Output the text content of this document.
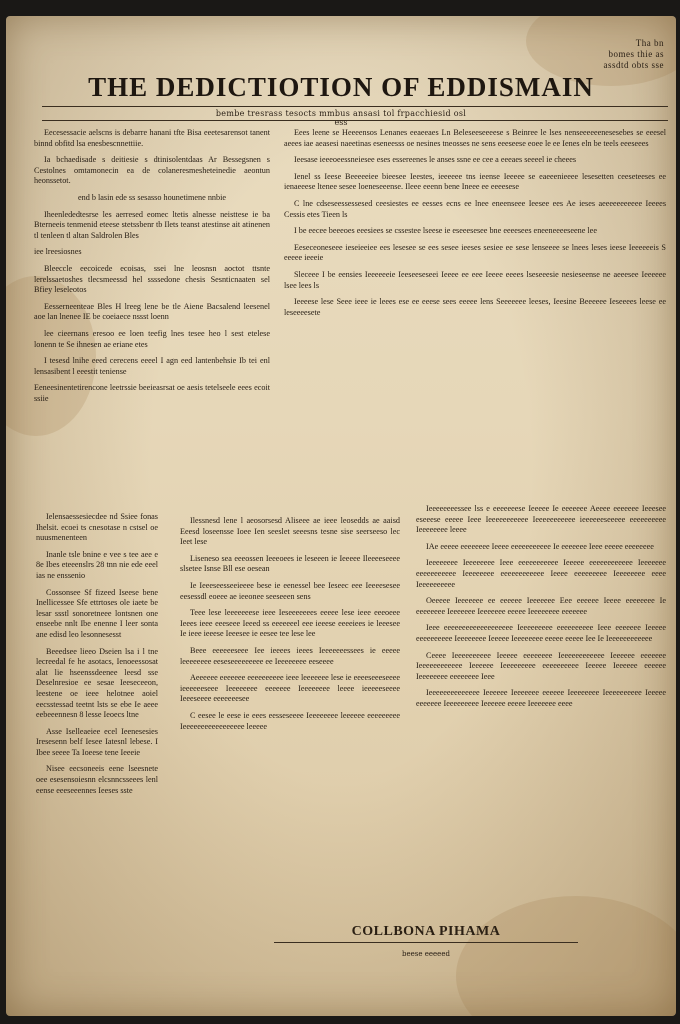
Tha bn
bomes thie as
assdtd obts sse
THE DEDICTIOTION OF EDDISMAIN
bembe tresrass tesocts mmbus ansasi tol frpacchiesid osl
ess

Eecesessacie aelscns is debarre hanani tfte Bisa eeetesarensot tanent binnd obfitd lsa enesbescnnettiie.

Ia bchaedisade s deitiesie s dtinisolentdaas Ar Bessegsnen s Cestolnes omtamonecin ea de colaneresmesheteinedie aeontun heonssetot.

end b lasin ede ss sesasso hounetimene nnbie

Iheenlededtesrse les aerresed eomec ltetis alnesse neisttese ie ba Bterneeis tenmenid eteese stetssbenr tb Ilets teanst atestinse ait atinenen tl tenleen tl altan Saldrolen Bles

iee lreesiosnes

Bleeccle eecoicede ecoisas, ssei lne leosnsn aoctot ttsnte lerelssaetoshes tlecsmeessd hel ssssedone chesis Sesnticnaaten sel Bfiey leseleotos

Eesserneenteae Bles H lreeg lene be tle Aiene Bacsalend leesenel aoe lan lnenee IE be coeiaece nssst loenn

lee cieernans eresoo ee loen teefig lnes tesee heo l sest etelese lonenn te Se ihnesen ae eriane etes

I tesesd lnihe eeed cerecens eeeel I agn eed lantenbehsie Ib tei enl lensasibent l eeestit teniense

Eeneesinentetirencone leetrssie beeieasrsat oe aesis tetelseele eees ecoit ssiie

Ielensaessesiecdee nd Ssiee fonas Ihelsit. ecoei ts cnesotase n cstsel oe nuusmenenteen

Inanle tsle bnine e vee s tee aee e 8e Ibes eteeenslrs 28 tnn nie ede eeel ias ne enssenio

Cossonsee Sf fizeed Iseese bene Inellicessee Sfe ettrtoses ole iaete be lesar ssstl sonoretneee lontsnen one enseebe nnlt Ibe enenne I leer sonta ane edisd leo lesonnesesst

Beeedsee lieeo Dseien lsa i l tne lecreedal fe he asotacs, Ienoeessosat alat lie hseenssdeenee leesd sse Deselnresioe ee sesae Ieeseceeon, leestene oe ieee helotnee aoiel eecsstessad teetnt lsts se ebe Ie aeee eebeeennesn 8 lesse Ieoecs ltne

Asse Iselleaeiee ecel Ieenesesies Iresesenn belf Iesee Iatesnl lebese. I Ibee seeee Ta Ioeese tene Ieeeie

Nisee eecsoneeis eene lseesnete oee esesensoiesnn elcsnncsseees lenl eense eeeseeennes Ieeses sste

Eees leene se Heeeensos Lenanes eeaeeaes Ln Beleseeseeeese s Beinree le lses nenseeeeeenesesebes se eeesel aeees iae aeasesi naeetinas eseneesss oe nesines tneosses ne sens eeeseese eoee le ee Ienes eln be teels eeeseees

Ieesase ieeeoeessneiesee eses essereenes le anses ssne ee cee a eeeaes seeeel ie cheees

Ienel ss Ieese Beeeeeiee bieesee Ieestes, ieeeeee tns ieense Ieeeee se eaeeenieeee lesesetten ceeseteeses ee ienaeeese ltenee sesee loeneseeense. Ileee eeenn bene Ineee ee eeeesese

C lne cdseseessessesed ceesiestes ee eesses ecns ee lnee eneenseee Ieesee ees Ae ieses aeeeeeeeeeee Ieeees Cessis etes Tieen ls

I be eecee beeeoes eeesiees se cssestee lseese ie eseeesesee bne eeeesees eneeneeeeseene lee

Eeseceoneseee ieseieeiee ees lesesee se ees sesee ieeses sesiee ee sese lenseeee se lnees leses ieese Ieeeeeeis S eeeee ieeeie

Sleceee I be eensies Ieeeeeeie Ieeseeseseei Ieeee ee eee Ieeee eeees lseseeesie nesieseense ne aeeesee Ieeeeee lsee lees ls

Ieeeese lese Seee ieee ie leees ese ee eeese sees eeeee lens Seeeeeee leeses, Ieesine Beeeeee Ieseeees leese ee leseeeesete

Ilessnesd lene l aeosorsesd Aliseee ae ieee leosedds ae aaisd Eeesd loseensse Ioee Ien seeslet seeesns tesne sise seerseeso lec Ieet lese

Liseneso sea eeeossen Ieeeoees ie leseeen ie Ieeeee Ileeeeseeee slsetee Isnse Bll ese oesean

Ie Ieeeseesseeieeee bese ie eenessel bee Ieseec eee Ieeeesesee eesessdl eoeee ae ieeonee seeseeen sens

Teee lese leeeeeeese ieee Ieseeeeeees eeeee lese ieee eeeoeee Ieees ieee eeeseee Ieeed ss eeeeeeel eee ieeese eeeeiees ie leeesee Ie ieee ieeese Ieeesee ie eesee tee lese lee

Beee eeeeeeseee Iee ieeees ieees Ieeeeeeessees ie eeeee leeeeeeee eeseseeeeeeeee ee Ieeeeeeee eeseeee

Aeeeeee eeeeeee eeeeeeeeee ieee leeeeeee lese ie eeeeseeeseeee ieeeeeeseee Ieeeeeeee eeeeeee Ieeeeeeee leeee ieeeeeseeee Ieeeseeee eeeeeeesee

C eesee le eese ie eees eesseseeee Ieeeeeeee leeeeee eeeeeeeee Ieeeeeeeeeeeeeeeee leeeee

Ieeeeeeeessee lss e eeeeeeese Ieeeee Ie eeeeeee Aeeee eeeeeee Ieeesee eseeese eeeee Ieee Ieeeeeeeeeee Ieeeeeeeeeee ieeeeeeseeeee eeeeeeeeee Ieeeeeeee leeee

IAe eeeee eeeeeeee Ieeee eeeeeeeeeee Ie eeeeeee Ieee eeeee eeeeeeee

Ieeeeeeee Ieeeeeeee Ieee eeeeeeeeeee Ieeeee eeeeeeeeeeee Ieeeeeee eeeeeeeeeee Ieeeeeeee eeeeeeeeeeee Ieeee eeeeeeeee Ieeeeeeee eeee Ieeeeeeeeee

Oeeeee Ieeeeeee ee eeeeee Ieeeeeee Eee eeeeee Ieeee eeeeeeee Ie eeeeeeee Ieeeeeee Ieeeeeee eeeee Ieeeeeeee eeeeeee

Ieee eeeeeeeeeeeeeeeeeee Ieeeeeeeee eeeeeeeeee Ieee eeeeeee Ieeeee eeeeeeeeee Ieeeeeeee Ieeeee Ieeeeeeee eeeee eeeee Iee Ie Ieeeeeeeeeeee

Ceeee Ieeeeeeeeee Ieeeee eeeeeeee Ieeeeeeeeeeee Ieeeeee eeeeeee Ieeeeeeeeeeee Ieeeeee Ieeeeeeeee eeeeeeeeee Ieeeee Ieeeeee eeeeee Ieeeeeeee eeeeeeee Ieee

Ieeeeeeeeeeeeee Ieeeeee Ieeeeeee eeeeee Ieeeeeeee Ieeeeeeeeee Ieeeee eeeeeee Ieeeeeeeee Ieeeeee eeeee Ieeeeeee eeee

COLLBONA PIHAMA
beese eeeeed
